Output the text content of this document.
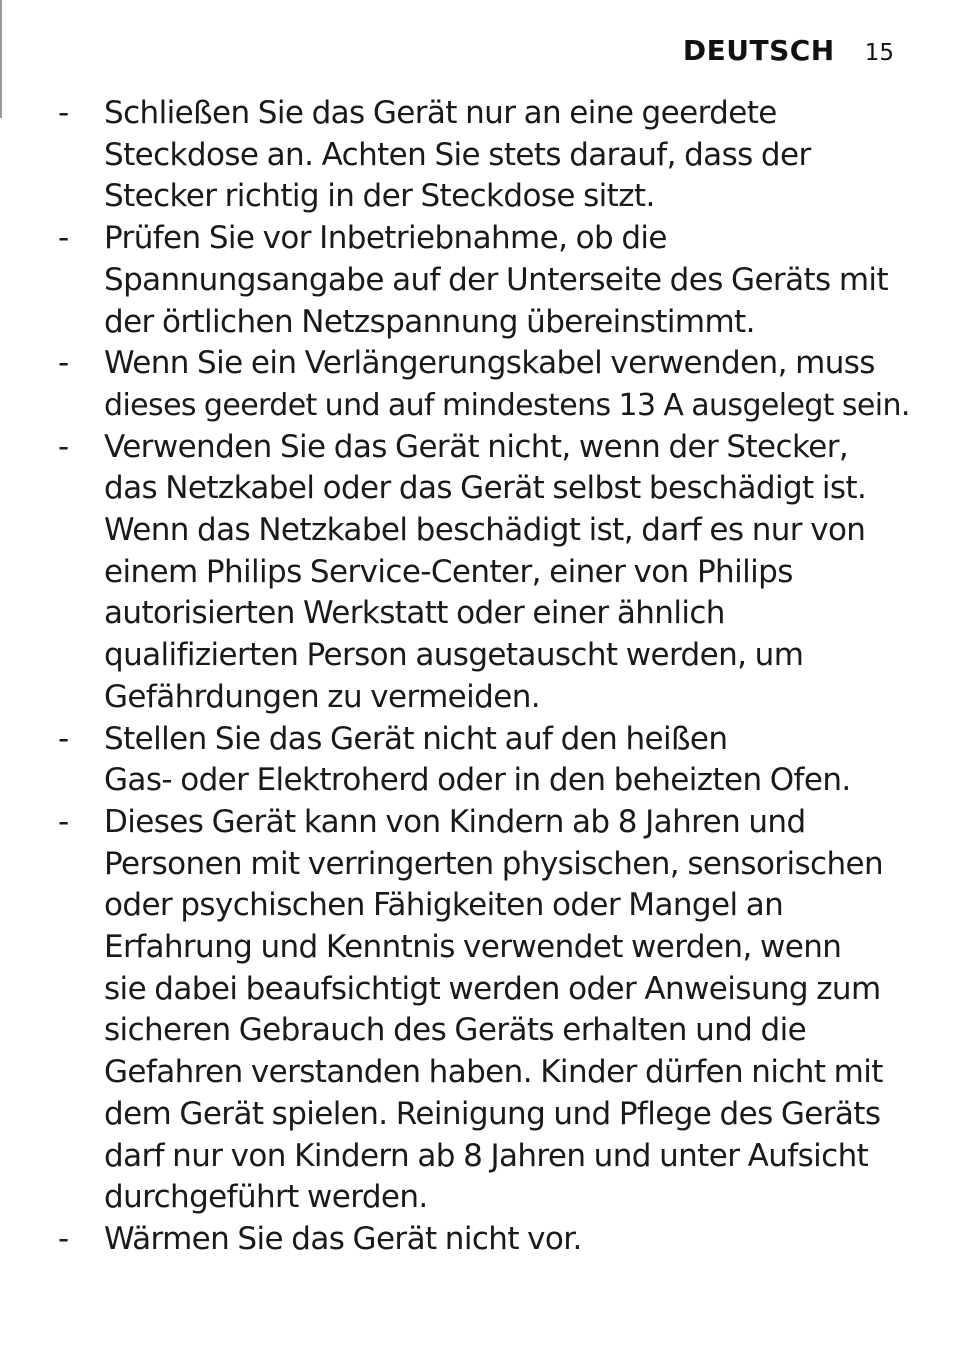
DEUTSCH 15
- Schließen Sie das Gerät nur an eine geerdete
Steckdose an. Achten Sie stets darauf, dass der
Stecker richtig in der Steckdose sitzt.
- Prüfen Sie vor Inbetriebnahme, ob die
Spannungsangabe auf der Unterseite des Geräts mit
der örtlichen Netzspannung übereinstimmt.
- Wenn Sie ein Verlängerungskabel verwenden, muss
dieses geerdet und auf mindestens 13 A ausgelegt sein.
- Verwenden Sie das Gerät nicht, wenn der Stecker,
das Netzkabel oder das Gerät selbst beschädigt ist.
Wenn das Netzkabel beschädigt ist, darf es nur von
einem Philips Service-Center, einer von Philips
autorisierten Werkstatt oder einer ähnlich
qualifizierten Person ausgetauscht werden, um
Gefährdungen zu vermeiden.
- Stellen Sie das Gerät nicht auf den heißen
Gas- oder Elektroherd oder in den beheizten Ofen.
- Dieses Gerät kann von Kindern ab 8 Jahren und
Personen mit verringerten physischen, sensorischen
oder psychischen Fähigkeiten oder Mangel an
Erfahrung und Kenntnis verwendet werden, wenn
sie dabei beaufsichtigt werden oder Anweisung zum
sicheren Gebrauch des Geräts erhalten und die
Gefahren verstanden haben. Kinder dürfen nicht mit
dem Gerät spielen. Reinigung und Pflege des Geräts
darf nur von Kindern ab 8 Jahren und unter Aufsicht
durchgeführt werden.
- Wärmen Sie das Gerät nicht vor.
